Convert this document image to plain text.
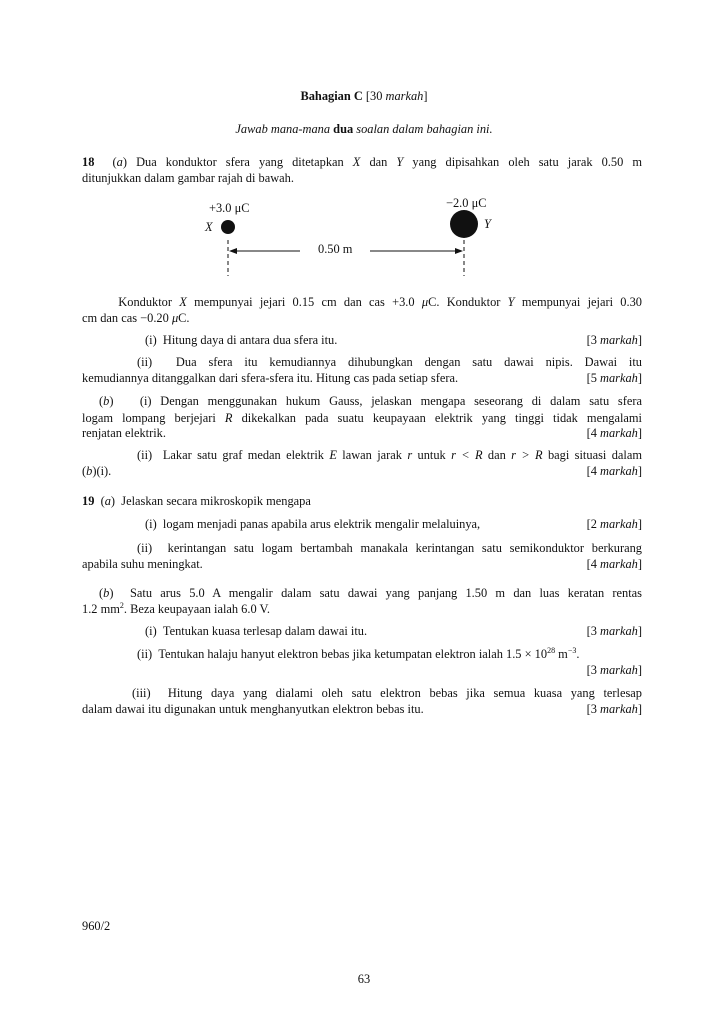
Bahagian C [30 markah]
Jawab mana-mana dua soalan dalam bahagian ini.
18  (a) Dua konduktor sfera yang ditetapkan X dan Y yang dipisahkan oleh satu jarak 0.50 m
ditunjukkan dalam gambar rajah di bawah.
+3.0 μC
X
−2.0 μC
Y
0.50 m
Konduktor X mempunyai jejari 0.15 cm dan cas +3.0 μC. Konduktor Y mempunyai jejari 0.30
cm dan cas −0.20 μC.
(i) Hitung daya di antara dua sfera itu.	[3 markah]
(ii) Dua sfera itu kemudiannya dihubungkan dengan satu dawai nipis. Dawai itu
kemudiannya ditanggalkan dari sfera-sfera itu. Hitung cas pada setiap sfera.	[5 markah]
(b)   (i) Dengan menggunakan hukum Gauss, jelaskan mengapa seseorang di dalam satu sfera
logam lompang berjejari R dikekalkan pada suatu keupayaan elektrik yang tinggi tidak mengalami
renjatan elektrik.	[4 markah]
(ii) Lakar satu graf medan elektrik E lawan jarak r untuk r < R dan r > R bagi situasi dalam
(b)(i).	[4 markah]
19  (a)  Jelaskan secara mikroskopik mengapa
(i) logam menjadi panas apabila arus elektrik mengalir melaluinya,	[2 markah]
(ii) kerintangan satu logam bertambah manakala kerintangan satu semikonduktor berkurang
apabila suhu meningkat.	[4 markah]
(b)  Satu arus 5.0 A mengalir dalam satu dawai yang panjang 1.50 m dan luas keratan rentas
1.2 $mm^2$. Beza keupayaan ialah 6.0 V.
(i) Tentukan kuasa terlesap dalam dawai itu.	[3 markah]
(ii) Tentukan halaju hanyut elektron bebas jika ketumpatan elektron ialah $1.5 \times 10^{28}$ $m^{-3}$.
[3 markah]
(iii) Hitung daya yang dialami oleh satu elektron bebas jika semua kuasa yang terlesap
dalam dawai itu digunakan untuk menghanyutkan elektron bebas itu.	[3 markah]
960/2
63
